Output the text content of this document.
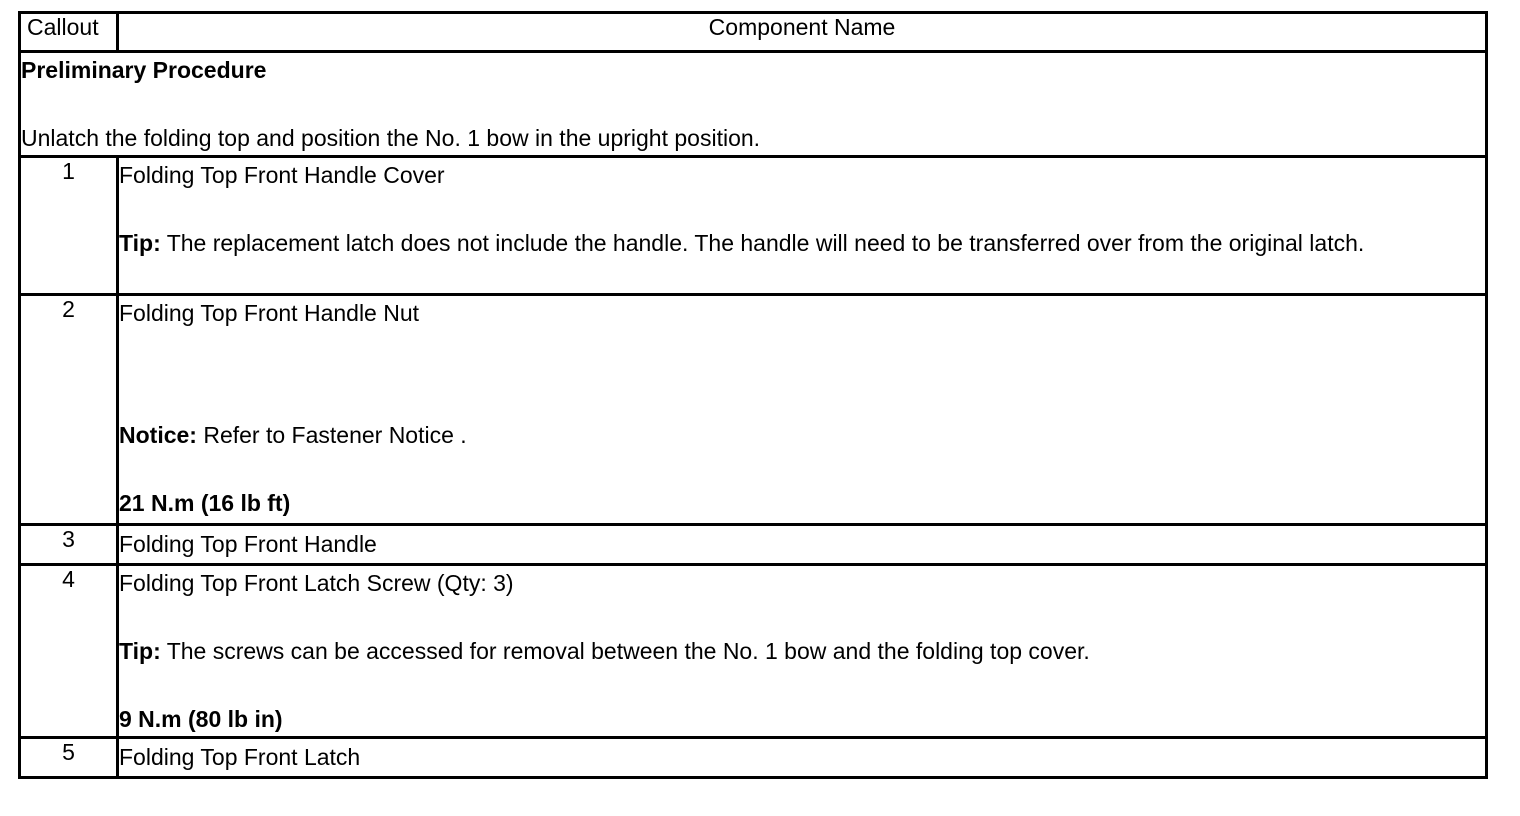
Callout	Component Name

Preliminary Procedure
Unlatch the folding top and position the No. 1 bow in the upright position.	

1	Folding Top Front Handle Cover
Tip: The replacement latch does not include the handle. The handle will need to be transferred over from the original latch.

2	Folding Top Front Handle Nut
Notice: Refer to Fastener Notice .
21 N.m (16 lb ft)

3	Folding Top Front Handle

4	Folding Top Front Latch Screw (Qty: 3)
Tip: The screws can be accessed for removal between the No. 1 bow and the folding top cover.
9 N.m (80 lb in)

5	Folding Top Front Latch
